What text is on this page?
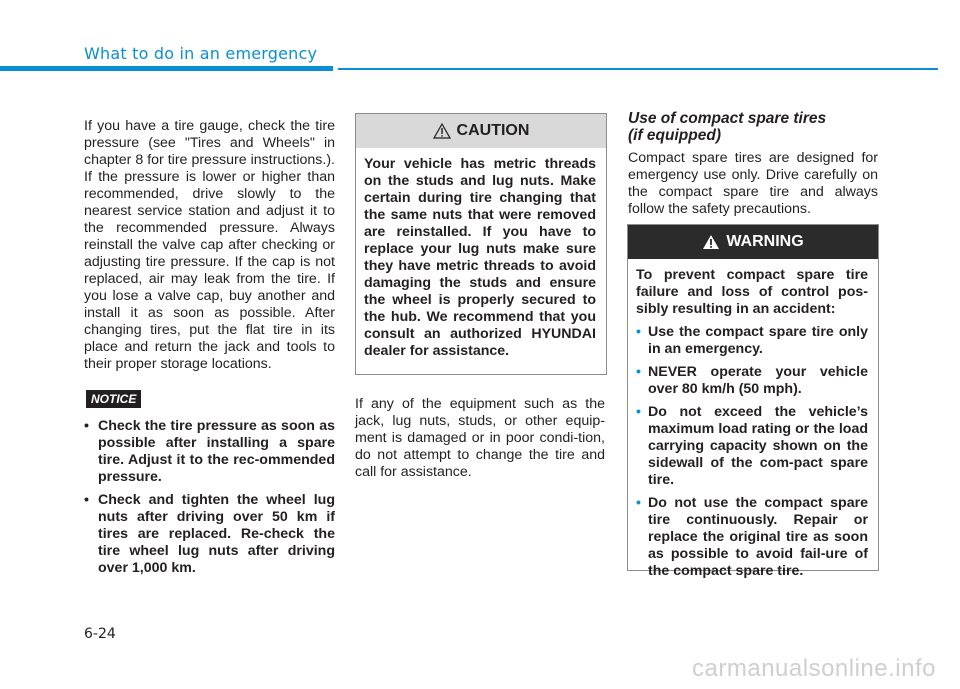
What to do in an emergency

If you have a tire gauge, check the tire pressure (see "Tires and Wheels" in chapter 8 for tire pressure instructions.). If the pressure is lower or higher than recommended, drive slowly to the nearest service station and adjust it to the recommended pressure. Always reinstall the valve cap after checking or adjusting tire pressure. If the cap is not replaced, air may leak from the tire. If you lose a valve cap, buy another and install it as soon as possible. After changing tires, put the flat tire in its place and return the jack and tools to their proper storage locations.

NOTICE
• Check the tire pressure as soon as possible after installing a spare tire. Adjust it to the rec-ommended pressure.
• Check and tighten the wheel lug nuts after driving over 50 km if tires are replaced. Re-check the tire wheel lug nuts after driving over 1,000 km.
CAUTION
Your vehicle has metric threads on the studs and lug nuts. Make certain during tire changing that the same nuts that were removed are reinstalled. If you have to replace your lug nuts make sure they have metric threads to avoid damaging the studs and ensure the wheel is properly secured to the hub. We recommend that you consult an authorized HYUNDAI dealer for assistance.

If any of the equipment such as the jack, lug nuts, studs, or other equip-ment is damaged or in poor condi-tion, do not attempt to change the tire and call for assistance.

Use of compact spare tires
(if equipped)

Compact spare tires are designed for emergency use only. Drive carefully on the compact spare tire and always follow the safety precautions.

WARNING
To prevent compact spare tire failure and loss of control pos-sibly resulting in an accident:
• Use the compact spare tire only in an emergency.
• NEVER operate your vehicle over 80 km/h (50 mph).
• Do not exceed the vehicle’s maximum load rating or the load carrying capacity shown on the sidewall of the com-pact spare tire.
• Do not use the compact spare tire continuously. Repair or replace the original tire as soon as possible to avoid fail-ure of the compact spare tire.
6-24
carmanualsonline.info
